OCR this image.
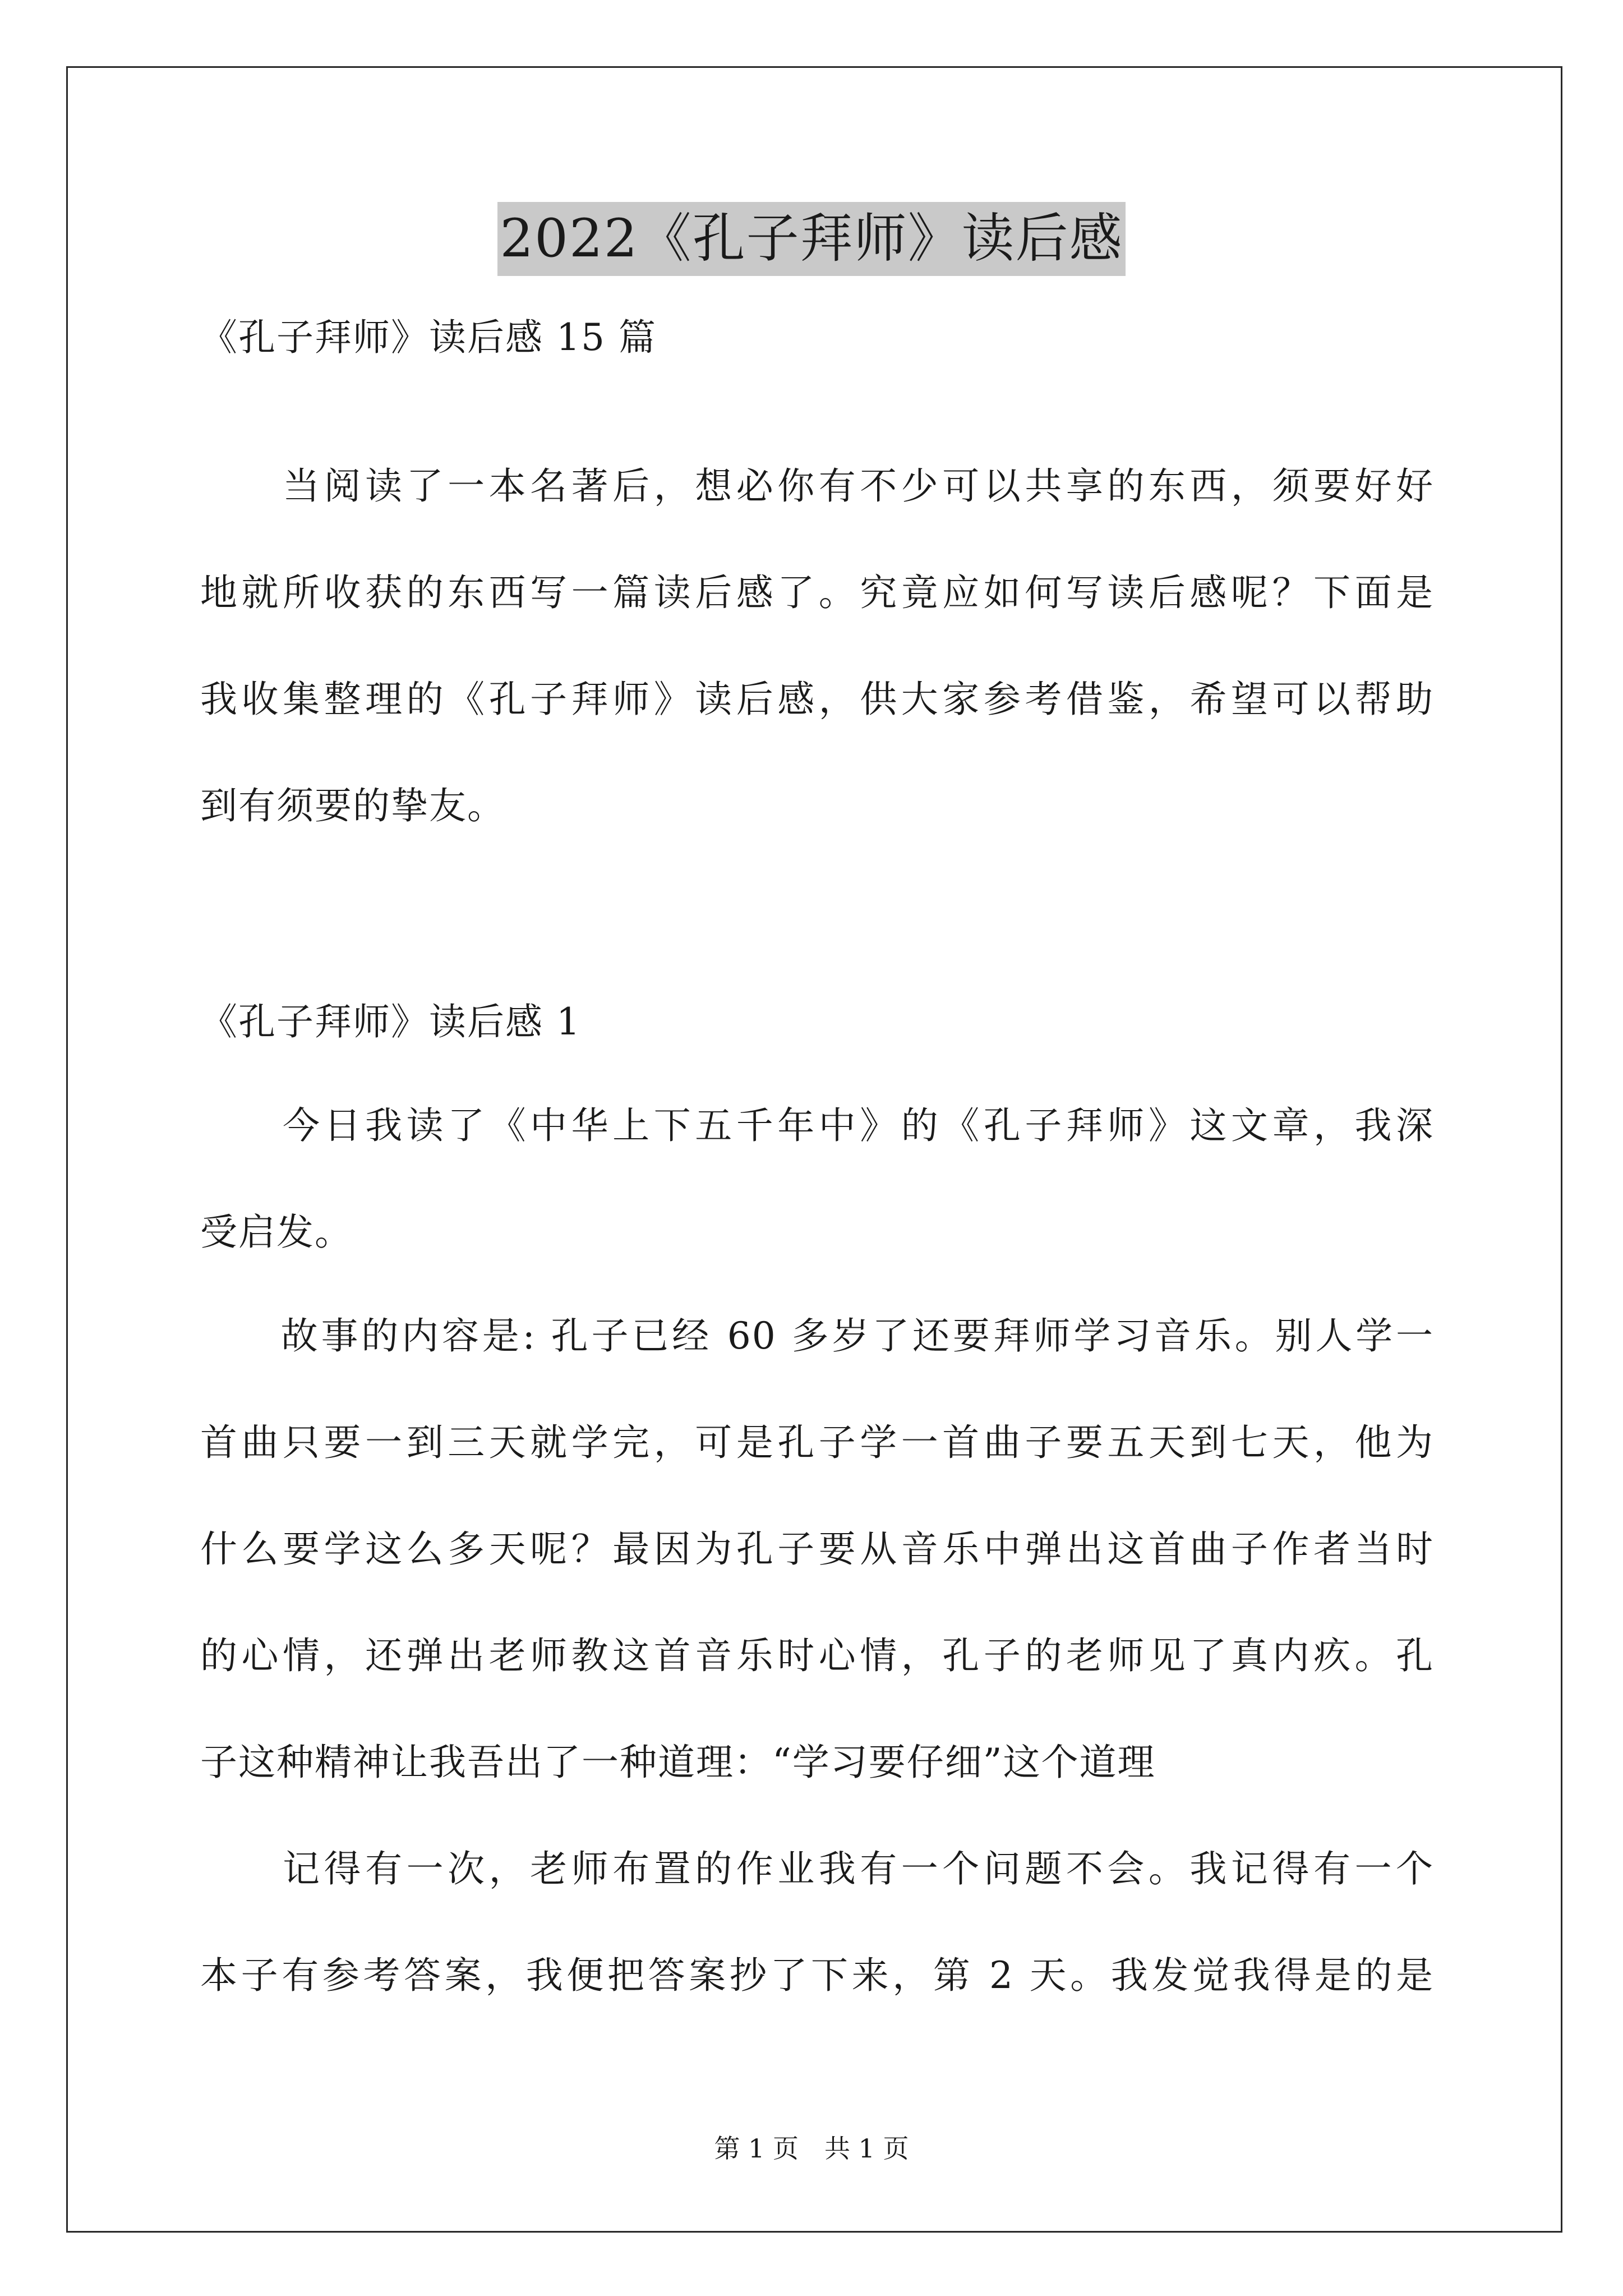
2022《孔子拜师》读后感
《孔子拜师》读后感 15 篇
　　当阅读了一本名著后，想必你有不少可以共享的东西，须要好好
地就所收获的东西写一篇读后感了。究竟应如何写读后感呢？下面是
我收集整理的《孔子拜师》读后感，供大家参考借鉴，希望可以帮助
到有须要的挚友。
《孔子拜师》读后感 1
　　今日我读了《中华上下五千年中》的《孔子拜师》这文章，我深
受启发。
　　故事的内容是: 孔子已经 60 多岁了还要拜师学习音乐。别人学一
首曲只要一到三天就学完，可是孔子学一首曲子要五天到七天，他为
什么要学这么多天呢？最因为孔子要从音乐中弹出这首曲子作者当时
的心情，还弹出老师教这首音乐时心情，孔子的老师见了真内疚。孔
子这种精神让我吾出了一种道理：“学习要仔细”这个道理
　　记得有一次，老师布置的作业我有一个问题不会。我记得有一个
本子有参考答案，我便把答案抄了下来，第 2 天。我发觉我得是的是
第 1 页　共 1 页
